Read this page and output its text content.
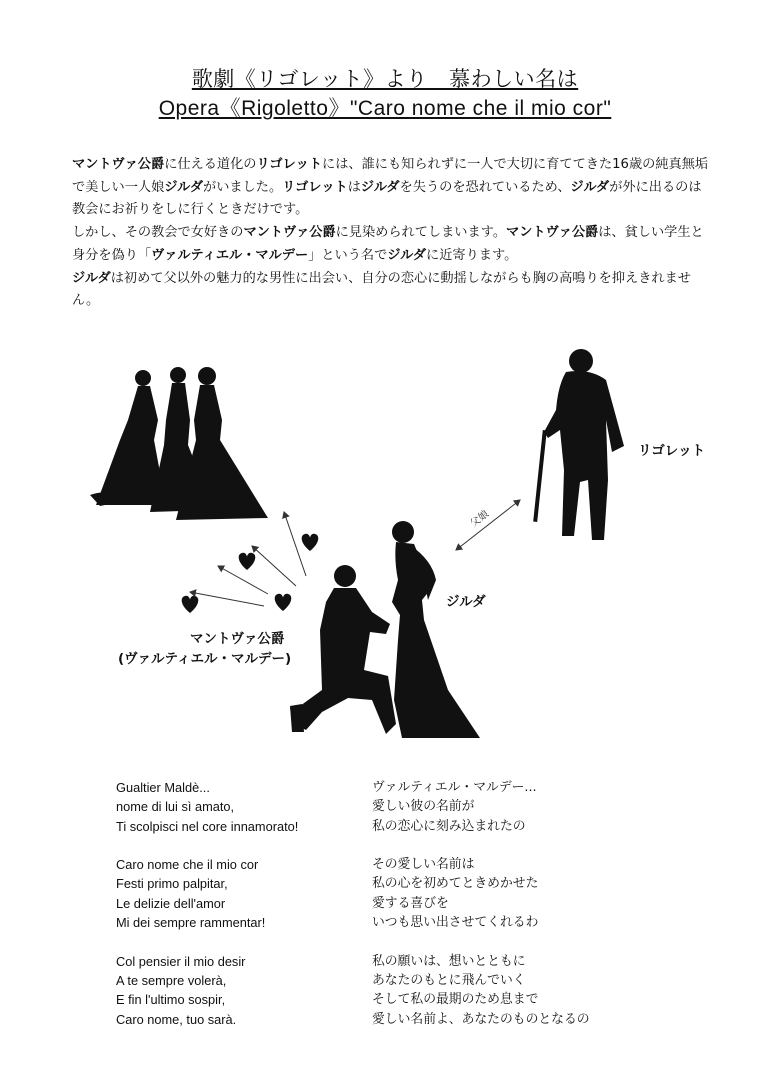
歌劇《リゴレット》より　慕わしい名は
Opera《Rigoletto》"Caro nome che il mio cor"

マントヴァ公爵に仕える道化のリゴレットには、誰にも知られずに一人で大切に育ててきた16歳の純真無垢で美しい一人娘ジルダがいました。リゴレットはジルダを失うのを恐れているため、ジルダが外に出るのは教会にお祈りをしに行くときだけです。

しかし、その教会で女好きのマントヴァ公爵に見染められてしまいます。マントヴァ公爵は、貧しい学生と身分を偽り「ヴァルティエル・マルデー」という名でジルダに近寄ります。

ジルダは初めて父以外の魅力的な男性に出会い、自分の恋心に動揺しながらも胸の高鳴りを抑えきれません。

父娘
リゴレット
ジルダ
マントヴァ公爵
(ヴァルティエル・マルデー)
Gualtier Maldè...
nome di lui sì amato,
Ti scolpisci nel core innamorato!
Caro nome che il mio cor
Festi primo palpitar,
Le delizie dell'amor
Mi dei sempre rammentar!
Col pensier il mio desir
A te sempre volerà,
E fin l'ultimo sospir,
Caro nome, tuo sarà.
ヴァルティエル・マルデー...
愛しい彼の名前が
私の恋心に刻み込まれたの
その愛しい名前は
私の心を初めてときめかせた
愛する喜びを
いつも思い出させてくれるわ
私の願いは、想いとともに
あなたのもとに飛んでいく
そして私の最期のため息まで
愛しい名前よ、あなたのものとなるの
